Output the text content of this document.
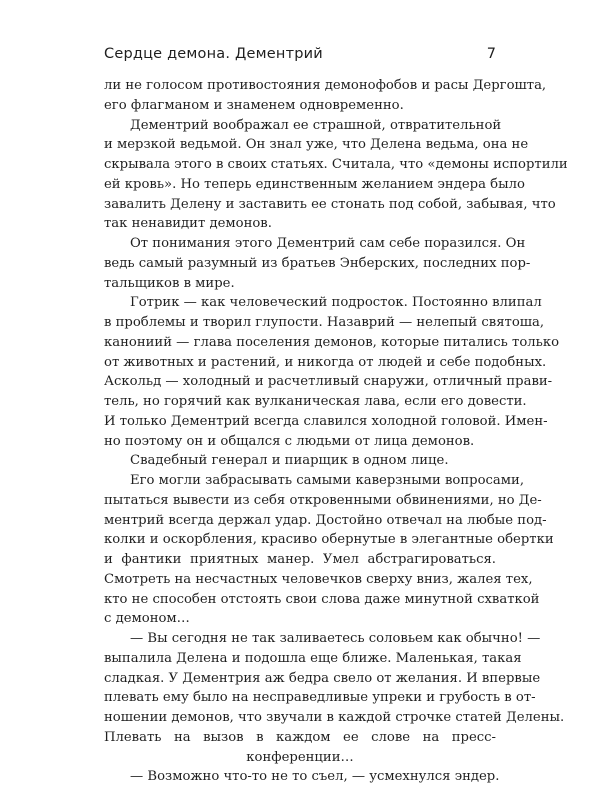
Сердце демона. Дементрий	7
ли не голосом противостояния демонофобов и расы Дергошта,
его флагманом и знаменем одновременно.
Дементрий воображал ее страшной, отвратительной
и мерзкой ведьмой. Он знал уже, что Делена ведьма, она не
скрывала этого в своих статьях. Считала, что «демоны испортили
ей кровь». Но теперь единственным желанием эндера было
завалить Делену и заставить ее стонать под собой, забывая, что
так ненавидит демонов.
От понимания этого Дементрий сам себе поразился. Он
ведь самый разумный из братьев Энберских, последних пор-
тальщиков в мире.
Готрик — как человеческий подросток. Постоянно влипал
в проблемы и творил глупости. Назаврий — нелепый святоша,
канониий — глава поселения демонов, которые питались только
от животных и растений, и никогда от людей и себе подобных.
Аскольд — холодный и расчетливый снаружи, отличный прави-
тель, но горячий как вулканическая лава, если его довести.
И только Дементрий всегда славился холодной головой. Имен-
но поэтому он и общался с людьми от лица демонов.
Свадебный генерал и пиарщик в одном лице.
Его могли забрасывать самыми каверзными вопросами,
пытаться вывести из себя откровенными обвинениями, но Де-
ментрий всегда держал удар. Достойно отвечал на любые под-
колки и оскорбления, красиво обернутые в элегантные обертки
и фантики приятных манер. Умел абстрагироваться.
Смотреть на несчастных человечков сверху вниз, жалея тех,
кто не способен отстоять свои слова даже минутной схваткой
с демоном…
— Вы сегодня не так заливаетесь соловьем как обычно! —
выпалила Делена и подошла еще ближе. Маленькая, такая
сладкая. У Дементрия аж бедра свело от желания. И впервые
плевать ему было на несправедливые упреки и грубость в от-
ношении демонов, что звучали в каждой строчке статей Делены.
Плевать на вызов в каждом ее слове на пресс-
конференции…
— Возможно что-то не то съел, — усмехнулся эндер.
